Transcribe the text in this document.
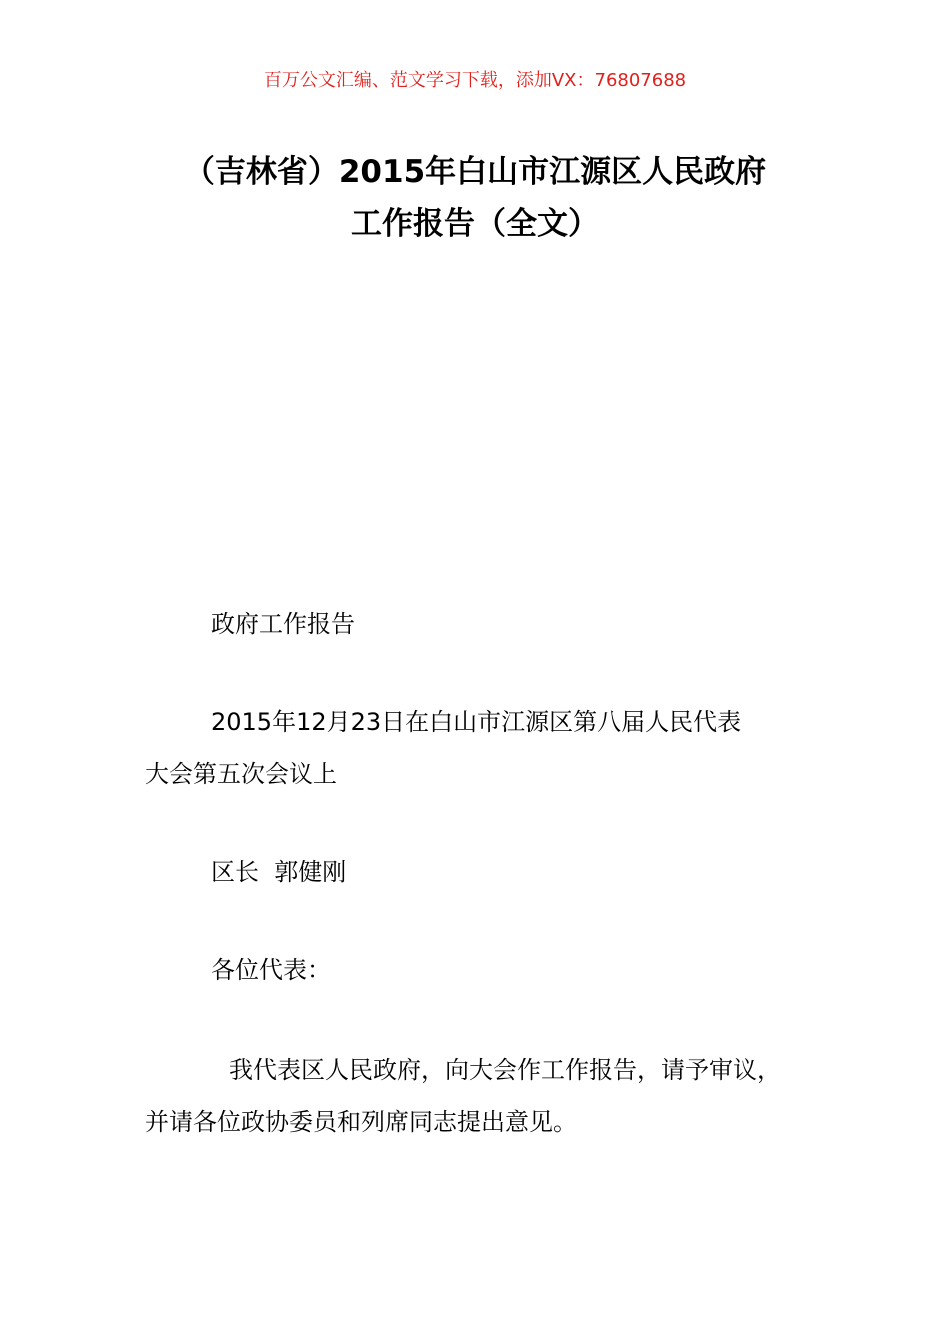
百万公文汇编、范文学习下载，添加VX：76807688
（吉林省）2015年白山市江源区人民政府
工作报告（全文）
政府工作报告
2015年12月23日在白山市江源区第八届人民代表
大会第五次会议上
区长  郭健刚
各位代表：
我代表区人民政府，向大会作工作报告，请予审议，
并请各位政协委员和列席同志提出意见。
